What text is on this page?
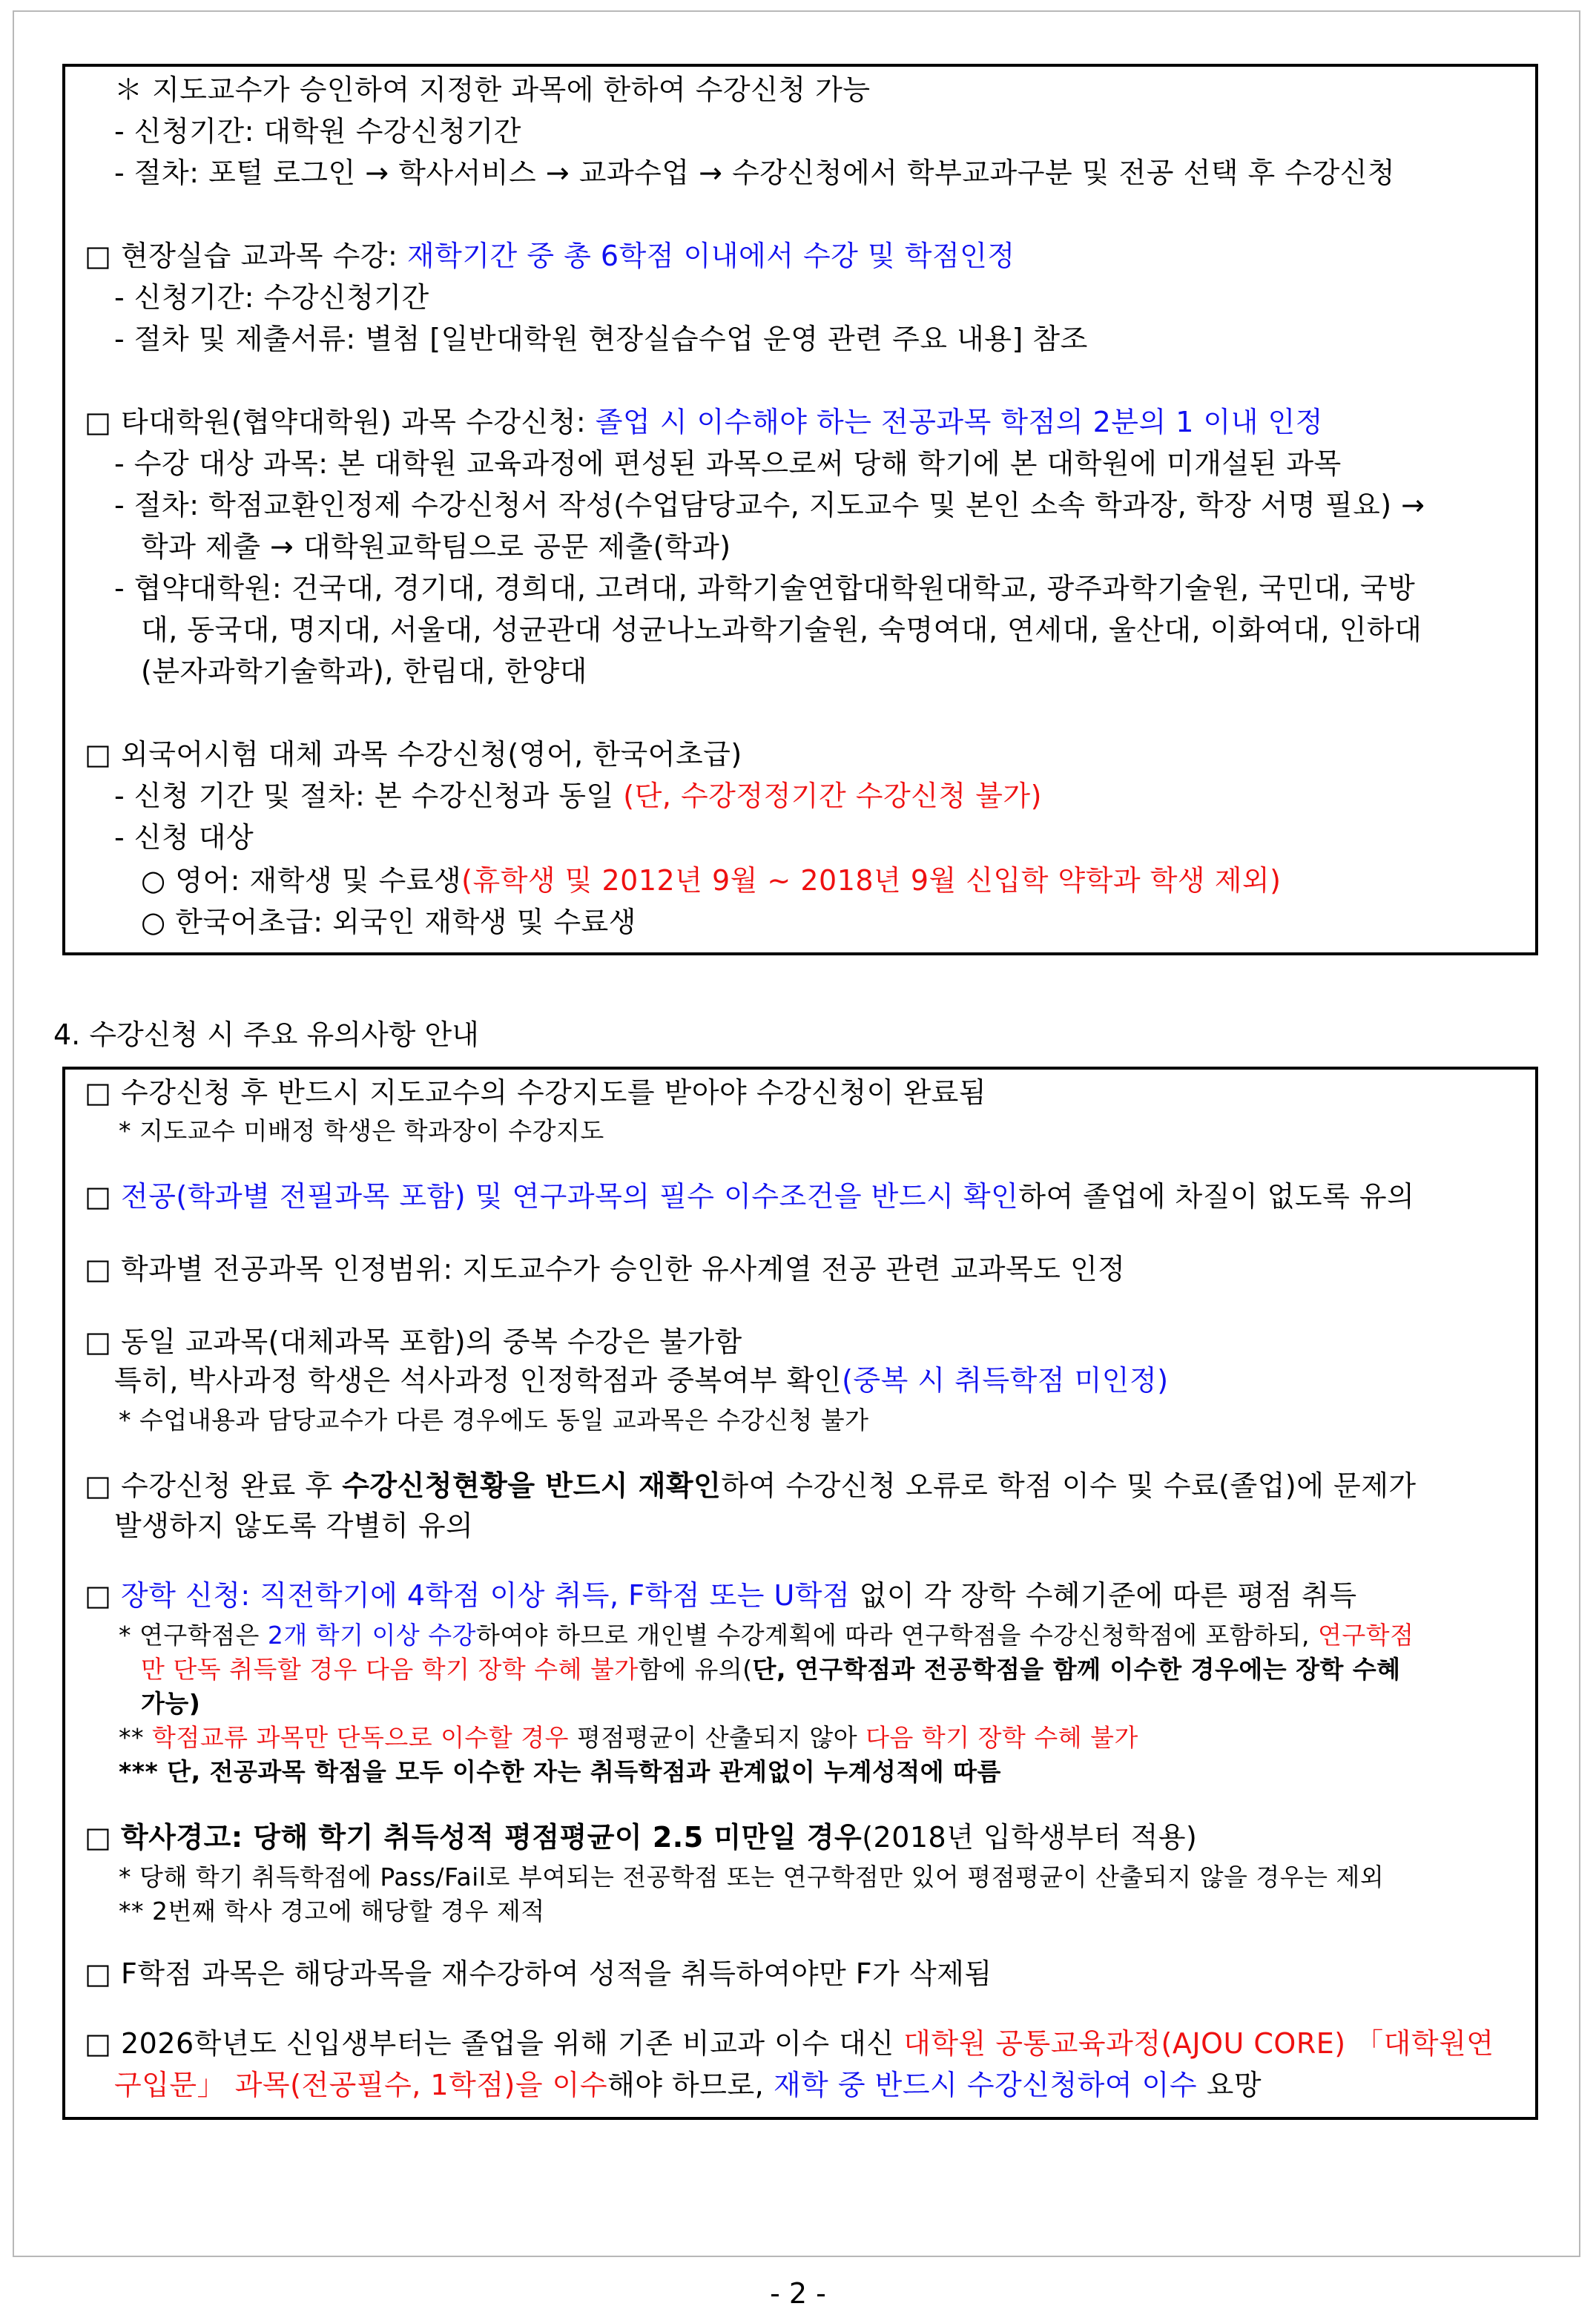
＊ 지도교수가 승인하여 지정한 과목에 한하여 수강신청 가능
- 신청기간: 대학원 수강신청기간
- 절차: 포털 로그인 → 학사서비스 → 교과수업 → 수강신청에서 학부교과구분 및 전공 선택 후 수강신청
□ 현장실습 교과목 수강: 재학기간 중 총 6학점 이내에서 수강 및 학점인정
- 신청기간: 수강신청기간
- 절차 및 제출서류: 별첨 [일반대학원 현장실습수업 운영 관련 주요 내용] 참조
□ 타대학원(협약대학원) 과목 수강신청: 졸업 시 이수해야 하는 전공과목 학점의 2분의 1 이내 인정
- 수강 대상 과목: 본 대학원 교육과정에 편성된 과목으로써 당해 학기에 본 대학원에 미개설된 과목
- 절차: 학점교환인정제 수강신청서 작성(수업담당교수, 지도교수 및 본인 소속 학과장, 학장 서명 필요) →
학과 제출 → 대학원교학팀으로 공문 제출(학과)
- 협약대학원: 건국대, 경기대, 경희대, 고려대, 과학기술연합대학원대학교, 광주과학기술원, 국민대, 국방
대, 동국대, 명지대, 서울대, 성균관대 성균나노과학기술원, 숙명여대, 연세대, 울산대, 이화여대, 인하대
(분자과학기술학과), 한림대, 한양대
□ 외국어시험 대체 과목 수강신청(영어, 한국어초급)
- 신청 기간 및 절차: 본 수강신청과 동일 (단, 수강정정기간 수강신청 불가)
- 신청 대상
○ 영어: 재학생 및 수료생(휴학생 및 2012년 9월 ~ 2018년 9월 신입학 약학과 학생 제외)
○ 한국어초급: 외국인 재학생 및 수료생
4. 수강신청 시 주요 유의사항 안내
□ 수강신청 후 반드시 지도교수의 수강지도를 받아야 수강신청이 완료됨
* 지도교수 미배정 학생은 학과장이 수강지도
□ 전공(학과별 전필과목 포함) 및 연구과목의 필수 이수조건을 반드시 확인하여 졸업에 차질이 없도록 유의
□ 학과별 전공과목 인정범위: 지도교수가 승인한 유사계열 전공 관련 교과목도 인정
□ 동일 교과목(대체과목 포함)의 중복 수강은 불가함
특히, 박사과정 학생은 석사과정 인정학점과 중복여부 확인(중복 시 취득학점 미인정)
* 수업내용과 담당교수가 다른 경우에도 동일 교과목은 수강신청 불가
□ 수강신청 완료 후 수강신청현황을 반드시 재확인하여 수강신청 오류로 학점 이수 및 수료(졸업)에 문제가
발생하지 않도록 각별히 유의
□ 장학 신청: 직전학기에 4학점 이상 취득, F학점 또는 U학점 없이 각 장학 수혜기준에 따른 평점 취득
* 연구학점은 2개 학기 이상 수강하여야 하므로 개인별 수강계획에 따라 연구학점을 수강신청학점에 포함하되, 연구학점
만 단독 취득할 경우 다음 학기 장학 수혜 불가함에 유의(단, 연구학점과 전공학점을 함께 이수한 경우에는 장학 수혜
가능)
** 학점교류 과목만 단독으로 이수할 경우 평점평균이 산출되지 않아 다음 학기 장학 수혜 불가
*** 단, 전공과목 학점을 모두 이수한 자는 취득학점과 관계없이 누계성적에 따름
□ 학사경고: 당해 학기 취득성적 평점평균이 2.5 미만일 경우(2018년 입학생부터 적용)
* 당해 학기 취득학점에 Pass/Fail로 부여되는 전공학점 또는 연구학점만 있어 평점평균이 산출되지 않을 경우는 제외
** 2번째 학사 경고에 해당할 경우 제적
□ F학점 과목은 해당과목을 재수강하여 성적을 취득하여야만 F가 삭제됨
□ 2026학년도 신입생부터는 졸업을 위해 기존 비교과 이수 대신 대학원 공통교육과정(AJOU CORE) 「대학원연
구입문」 과목(전공필수, 1학점)을 이수해야 하므로, 재학 중 반드시 수강신청하여 이수 요망
- 2 -
